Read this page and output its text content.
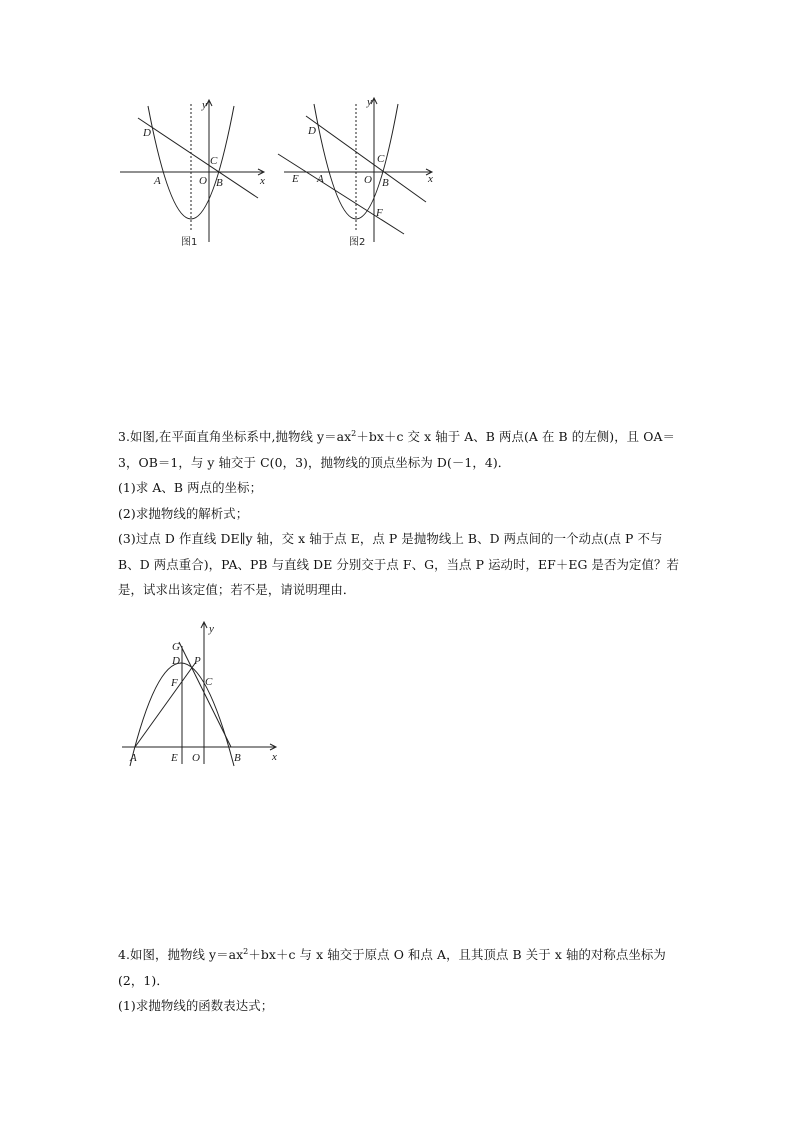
y
x
D
C
A	O B
图1
y
x
D
C
E A	O B
F
图2

3.如图,在平面直角坐标系中,抛物线 $y=ax^2+bx+c$ 交 x 轴于 A、B 两点(A 在 B 的左侧)，且 OA＝

3，OB＝1，与 y 轴交于 C(0，3)，抛物线的顶点坐标为 D(－1，4)．

(1)求 A、B 两点的坐标；

(2)求抛物线的解析式；

(3)过点 D 作直线 DE∥y 轴，交 x 轴于点 E，点 P 是抛物线上 B、D 两点间的一个动点(点 P 不与

B、D 两点重合)，PA、PB 与直线 DE 分别交于点 F、G，当点 P 运动时，EF＋EG 是否为定值？若

是，试求出该定值；若不是，请说明理由．

y
x
G
D P
F C
A	E O	B

4.如图，抛物线 $y=ax^2+bx+c$ 与 x 轴交于原点 O 和点 A，且其顶点 B 关于 x 轴的对称点坐标为

(2，1)．

(1)求抛物线的函数表达式；
